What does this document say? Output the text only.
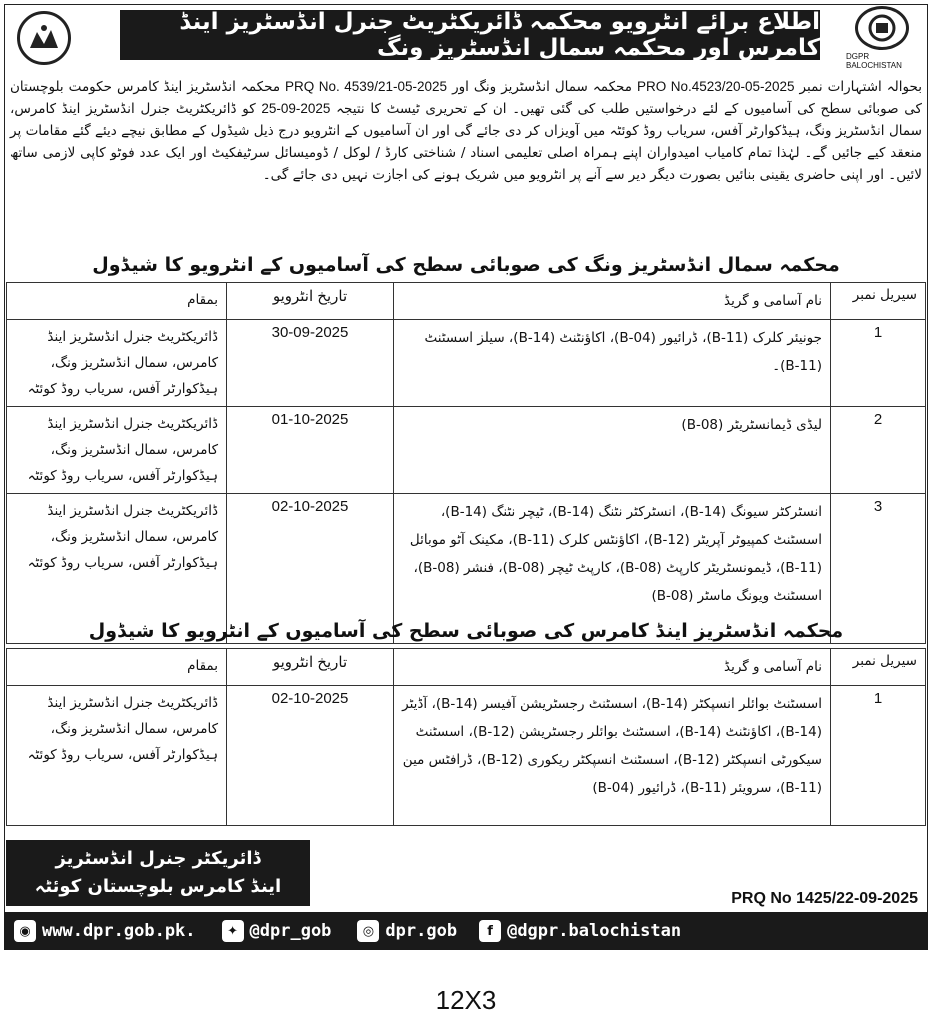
اطلاع برائے انٹرویو محکمہ ڈائریکٹریٹ جنرل انڈسٹریز اینڈ کامرس اور محکمہ سمال انڈسٹریز ونگ	DGPR BALOCHISTAN
بحوالہ اشتہارات نمبر PRO No.4523/20-05-2025 محکمہ سمال انڈسٹریز ونگ اور PRQ No. 4539/21-05-2025 محکمہ انڈسٹریز اینڈ کامرس حکومت بلوچستان کی صوبائی سطح کی آسامیوں کے لئے درخواستیں طلب کی گئی تھیں۔ ان کے تحریری ٹیسٹ کا نتیجہ 25-09-2025 کو ڈائریکٹریٹ جنرل انڈسٹریز اینڈ کامرس، سمال انڈسٹریز ونگ، ہیڈکوارٹر آفس، سریاب روڈ کوئٹہ میں آویزاں کر دی جائے گی اور ان آسامیوں کے انٹرویو درج ذیل شیڈول کے مطابق نیچے دیئے گئے مقامات پر منعقد کیے جائیں گے۔ لہٰذا تمام کامیاب امیدواران اپنے ہمراہ اصلی تعلیمی اسناد / شناختی کارڈ / لوکل / ڈومیسائل سرٹیفکیٹ اور ایک عدد فوٹو کاپی لازمی ساتھ لائیں۔ اور اپنی حاضری یقینی بنائیں بصورت دیگر دیر سے آنے پر انٹرویو میں شریک ہونے کی اجازت نہیں دی جائے گی۔
محکمہ سمال انڈسٹریز ونگ کی صوبائی سطح کی آسامیوں کے انٹرویو کا شیڈول
سیریل نمبر	نام آسامی و گریڈ	تاریخ انٹرویو	بمقام
1	جونیئر کلرک (B-11)، ڈرائیور (B-04)، اکاؤنٹنٹ (B-14)، سیلز اسسٹنٹ (B-11)۔	30-09-2025	ڈائریکٹریٹ جنرل انڈسٹریز اینڈ کامرس، سمال انڈسٹریز ونگ، ہیڈکوارٹر آفس، سریاب روڈ کوئٹہ
2	لیڈی ڈیمانسٹریٹر (B-08)	01-10-2025	ڈائریکٹریٹ جنرل انڈسٹریز اینڈ کامرس، سمال انڈسٹریز ونگ، ہیڈکوارٹر آفس، سریاب روڈ کوئٹہ
3	انسٹرکٹر سیونگ (B-14)، انسٹرکٹر نٹنگ (B-14)، ٹیچر نٹنگ (B-14)، اسسٹنٹ کمپیوٹر آپریٹر (B-12)، اکاؤنٹس کلرک (B-11)، مکینک آٹو موبائل (B-11)، ڈیمونسٹریٹر کارپٹ (B-08)، کارپٹ ٹیچر (B-08)، فنشر (B-08)، اسسٹنٹ ویونگ ماسٹر (B-08)	02-10-2025	ڈائریکٹریٹ جنرل انڈسٹریز اینڈ کامرس، سمال انڈسٹریز ونگ، ہیڈکوارٹر آفس، سریاب روڈ کوئٹہ
محکمہ انڈسٹریز اینڈ کامرس کی صوبائی سطح کی آسامیوں کے انٹرویو کا شیڈول
سیریل نمبر	نام آسامی و گریڈ	تاریخ انٹرویو	بمقام
1	اسسٹنٹ بوائلر انسپکٹر (B-14)، اسسٹنٹ رجسٹریشن آفیسر (B-14)، آڈیٹر (B-14)، اکاؤنٹنٹ (B-14)، اسسٹنٹ بوائلر رجسٹریشن (B-12)، اسسٹنٹ سیکورٹی انسپکٹر (B-12)، اسسٹنٹ انسپکٹر ریکوری (B-12)، ڈرافٹس مین (B-11)، سرویئر (B-11)، ڈرائیور (B-04)	02-10-2025	ڈائریکٹریٹ جنرل انڈسٹریز اینڈ کامرس، سمال انڈسٹریز ونگ، ہیڈکوارٹر آفس، سریاب روڈ کوئٹہ
ڈائریکٹر جنرل انڈسٹریز
اینڈ کامرس بلوچستان کوئٹہ
PRQ No 1425/22-09-2025
◉ www.dpr.gob.pk.	✦ @dpr_gob	◎ dpr.gob	f @dgpr.balochistan
12X3
